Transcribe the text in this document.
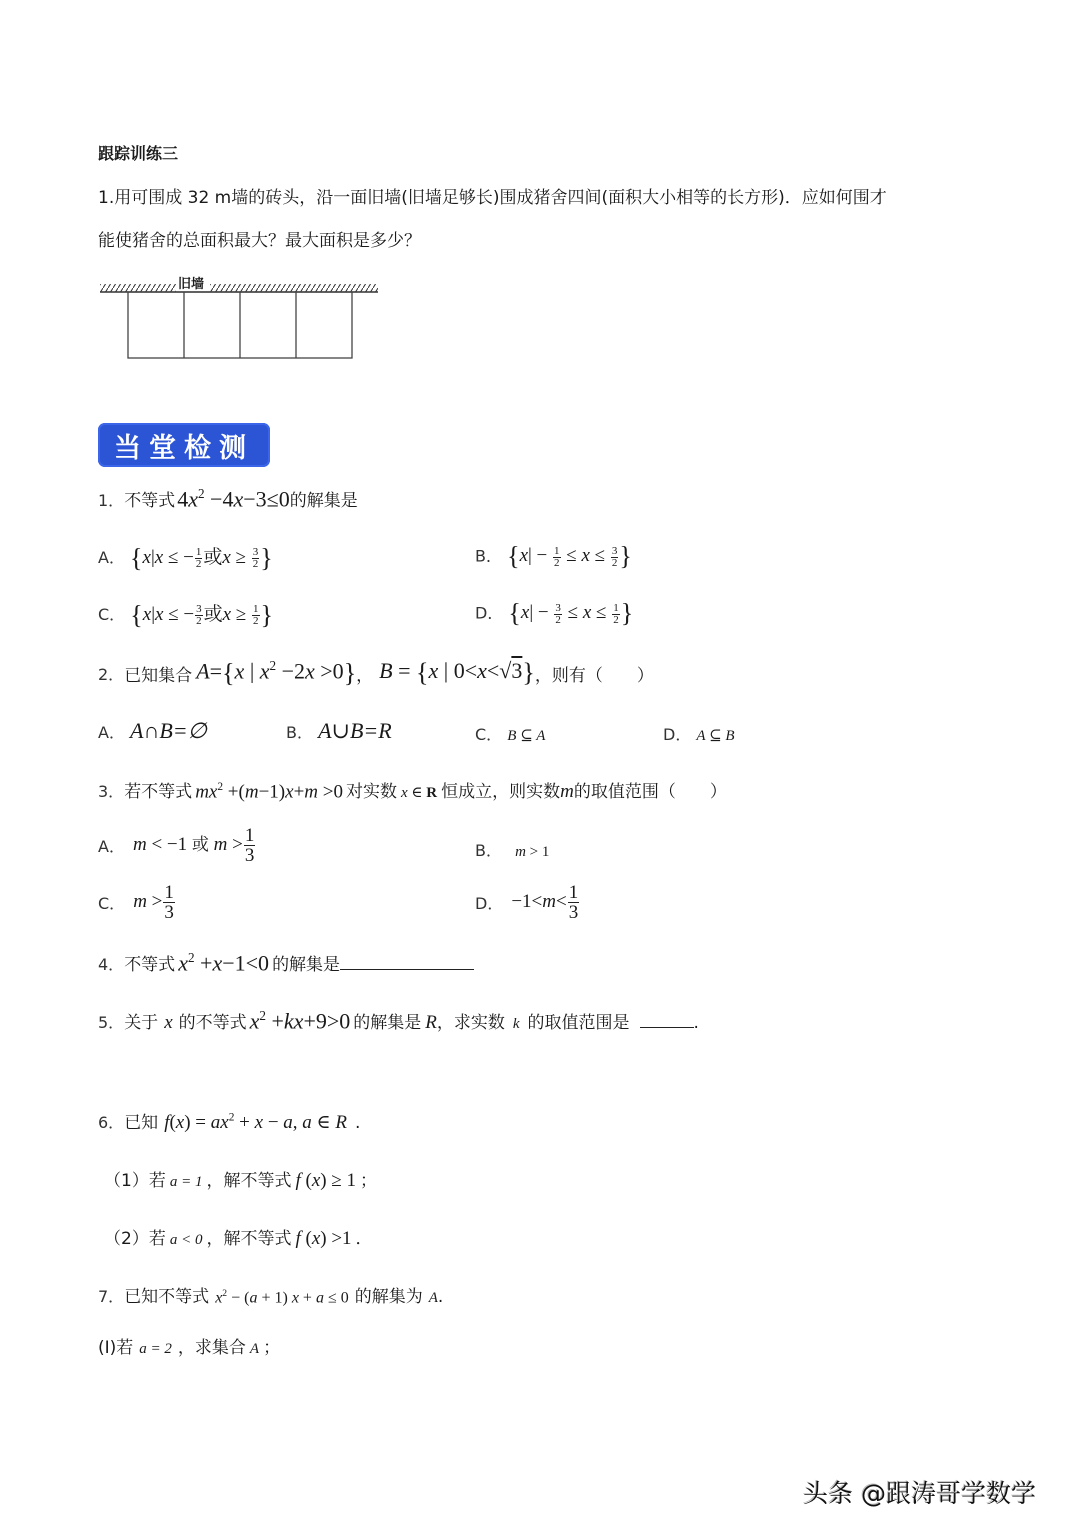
跟踪训练三
1.用可围成 32 m墙的砖头，沿一面旧墙(旧墙足够长)围成猪舍四间(面积大小相等的长方形)．应如何围才
能使猪舍的总面积最大？最大面积是多少？
旧墙
当堂检测
1． 不等式 $4x^2 -4x-3\le 0$ 的解集是
A． {x|x ≤ − $\frac{1}{2}$ 或$x \ge \frac{3}{2}$ }	B． {$x| - \frac{1}{2} \le x \le \frac{3}{2}$ }
C． {x|x ≤ − $\frac{3}{2}$ 或$x \ge \frac{1}{2}$ }	D． {$x| - \frac{3}{2} \le x \le \frac{1}{2}$ }
2． 已知集合 A={x | $x^2 -2x >0$} ， B = {x | 0<x<√3} ，则有（　　）
A． A∩B=∅	B． A∪B=R	C． B ⊆ A	D． A ⊆ B
3． 若不等式 $mx^2 +(m-1)x+m >0$ 对实数 x ∈ R 恒成立，则实数 m 的取值范围（　　）
A． m < −1 或 $m > \frac{1}{3}$	B． m > 1
C． $m > \frac{1}{3}$	D． $-1<m< \frac{1}{3}$
4． 不等式 $x^2 +x-1<0$ 的解集是
5． 关于 x 的不等式 $x^2 +kx+9>0$ 的解集是 R ，求实数 k 的取值范围是	.
6． 已知 $f(x) = ax^2 + x - a$, a ∈ R .
（1）若 a = 1 ，解不等式 f (x) ≥ 1 ；
（2）若 a < 0 ，解不等式 f (x) >1 ．
7． 已知不等式 $x^2 - (a + 1) x + a \le 0$ 的解集为 A .
(Ⅰ)若 a = 2 ，求集合 A ；
头条 @跟涛哥学数学
